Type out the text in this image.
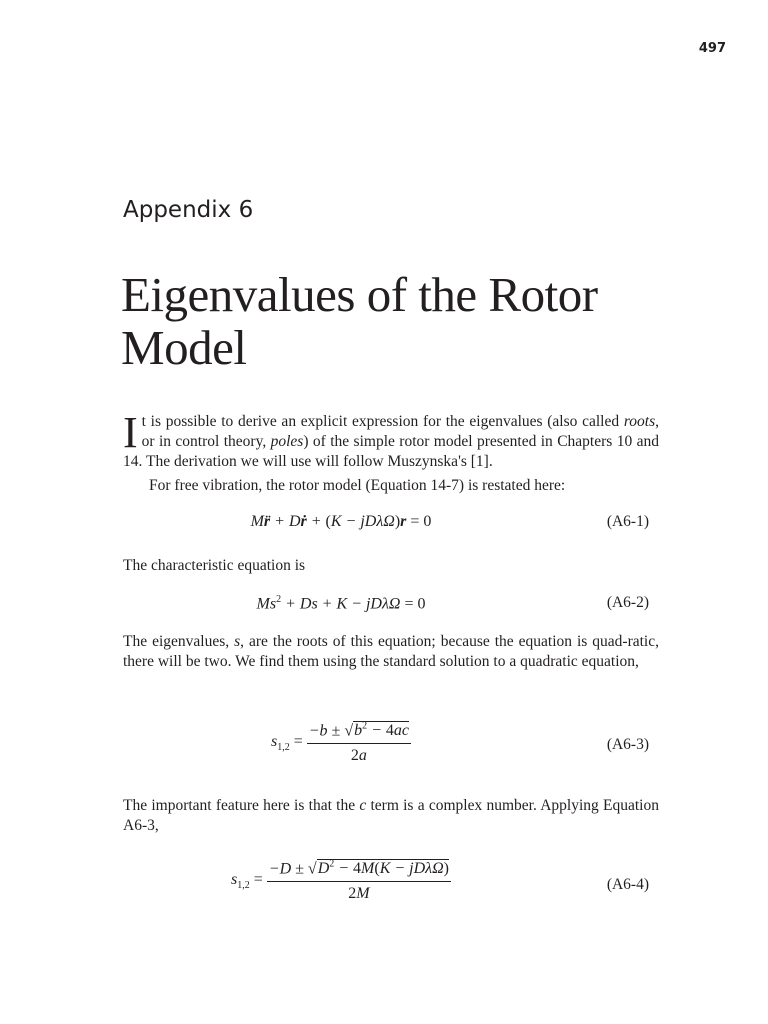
497
Appendix 6
Eigenvalues of the Rotor
Model
It is possible to derive an explicit expression for the eigenvalues (also called roots, or in control theory, poles) of the simple rotor model presented in Chapters 10 and 14. The derivation we will use will follow Muszynska's [1].
For free vibration, the rotor model (Equation 14-7) is restated here:
Mr̈ + Dṙ + (K − jDλΩ)r = 0	(A6-1)
The characteristic equation is
$Ms^2 + Ds + K - jD\lambda\Omega = 0$	(A6-2)
The eigenvalues, s, are the roots of this equation; because the equation is quad-ratic, there will be two. We find them using the standard solution to a quadratic equation,
$s_{1,2} = \frac{-b \pm √b^2 - 4ac}{2a}$	(A6-3)
The important feature here is that the c term is a complex number. Applying Equation A6-3,
$s_{1,2} = \frac{-D \pm √D^2 - 4M(K - jD\lambda\Omega)}{2M}$	(A6-4)
